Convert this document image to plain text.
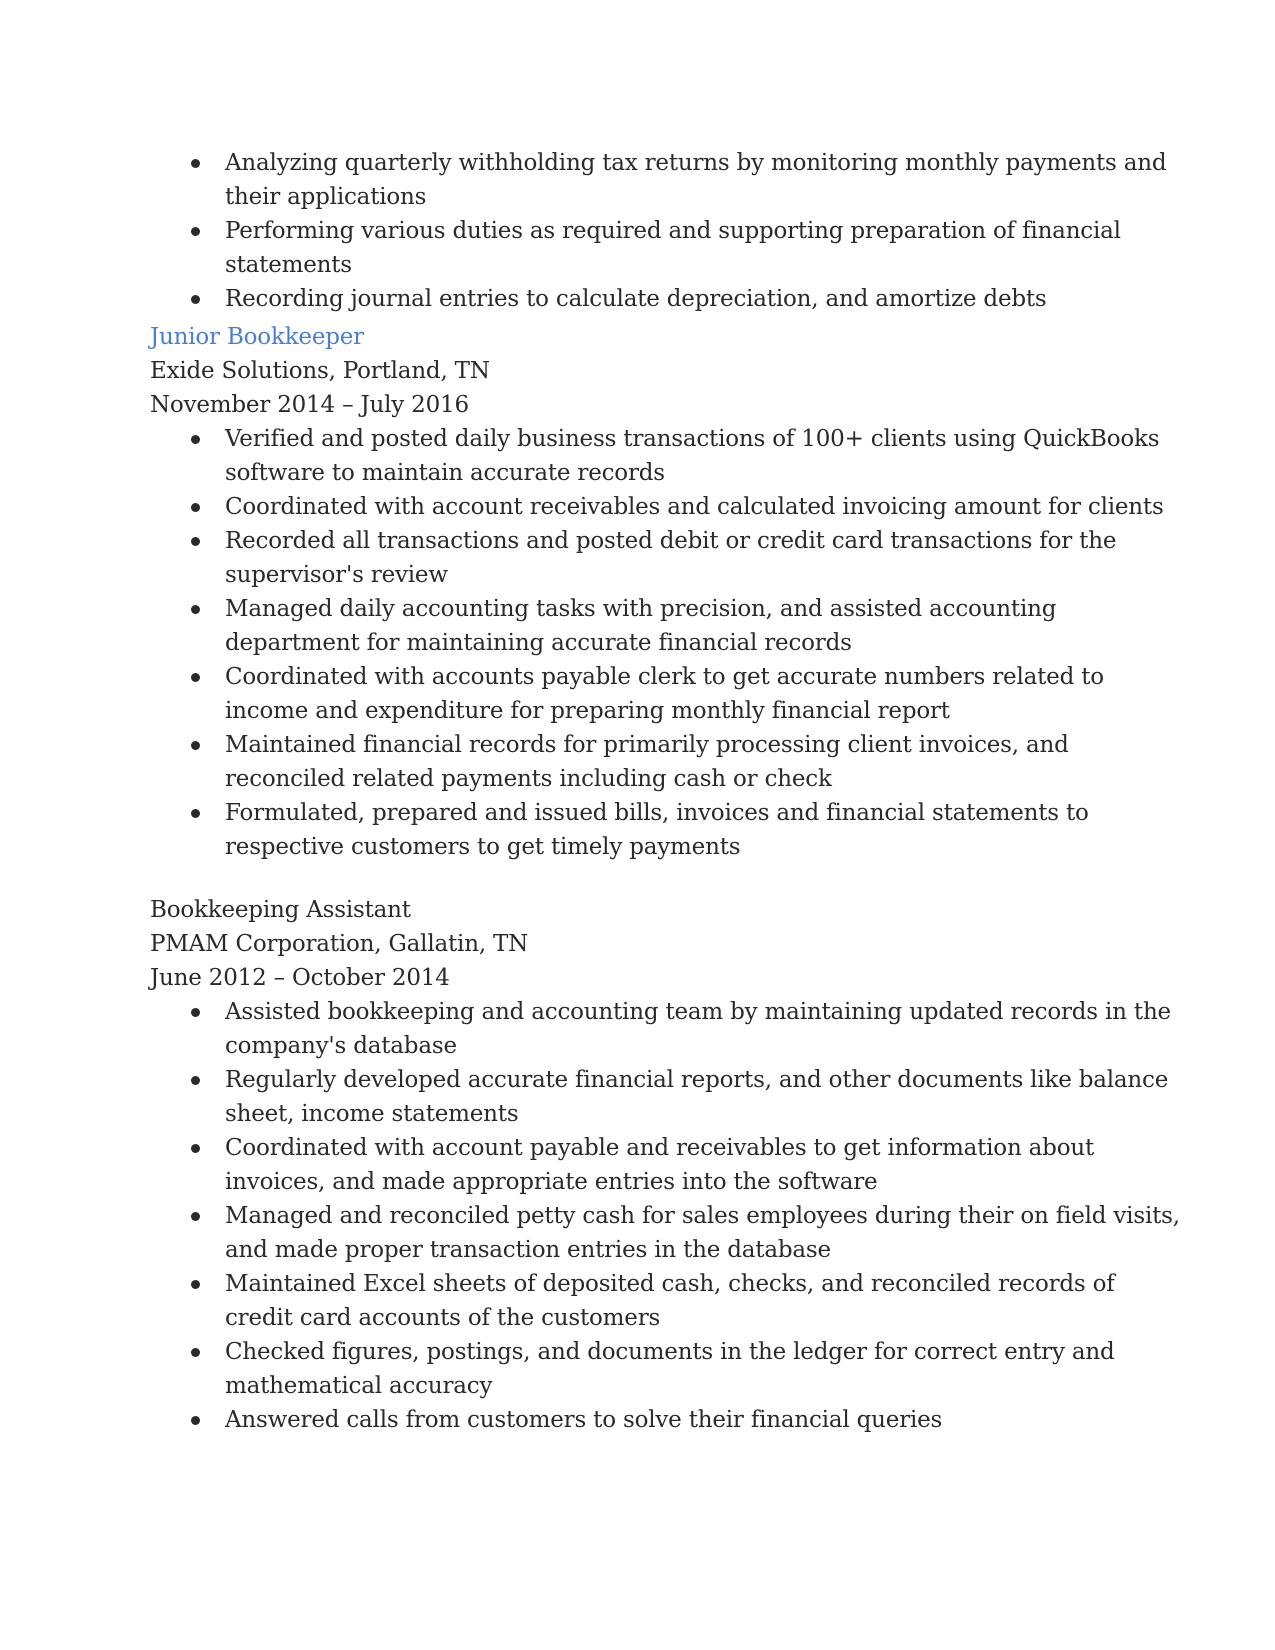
Analyzing quarterly withholding tax returns by monitoring monthly payments and their applications
Performing various duties as required and supporting preparation of financial statements
Recording journal entries to calculate depreciation, and amortize debts
Junior Bookkeeper
Exide Solutions, Portland, TN
November 2014 – July 2016
Verified and posted daily business transactions of 100+ clients using QuickBooks software to maintain accurate records
Coordinated with account receivables and calculated invoicing amount for clients
Recorded all transactions and posted debit or credit card transactions for the supervisor's review
Managed daily accounting tasks with precision, and assisted accounting department for maintaining accurate financial records
Coordinated with accounts payable clerk to get accurate numbers related to income and expenditure for preparing monthly financial report
Maintained financial records for primarily processing client invoices, and reconciled related payments including cash or check
Formulated, prepared and issued bills, invoices and financial statements to respective customers to get timely payments
Bookkeeping Assistant
PMAM Corporation, Gallatin, TN
June 2012 – October 2014
Assisted bookkeeping and accounting team by maintaining updated records in the company's database
Regularly developed accurate financial reports, and other documents like balance sheet, income statements
Coordinated with account payable and receivables to get information about invoices, and made appropriate entries into the software
Managed and reconciled petty cash for sales employees during their on field visits, and made proper transaction entries in the database
Maintained Excel sheets of deposited cash, checks, and reconciled records of credit card accounts of the customers
Checked figures, postings, and documents in the ledger for correct entry and mathematical accuracy
Answered calls from customers to solve their financial queries
